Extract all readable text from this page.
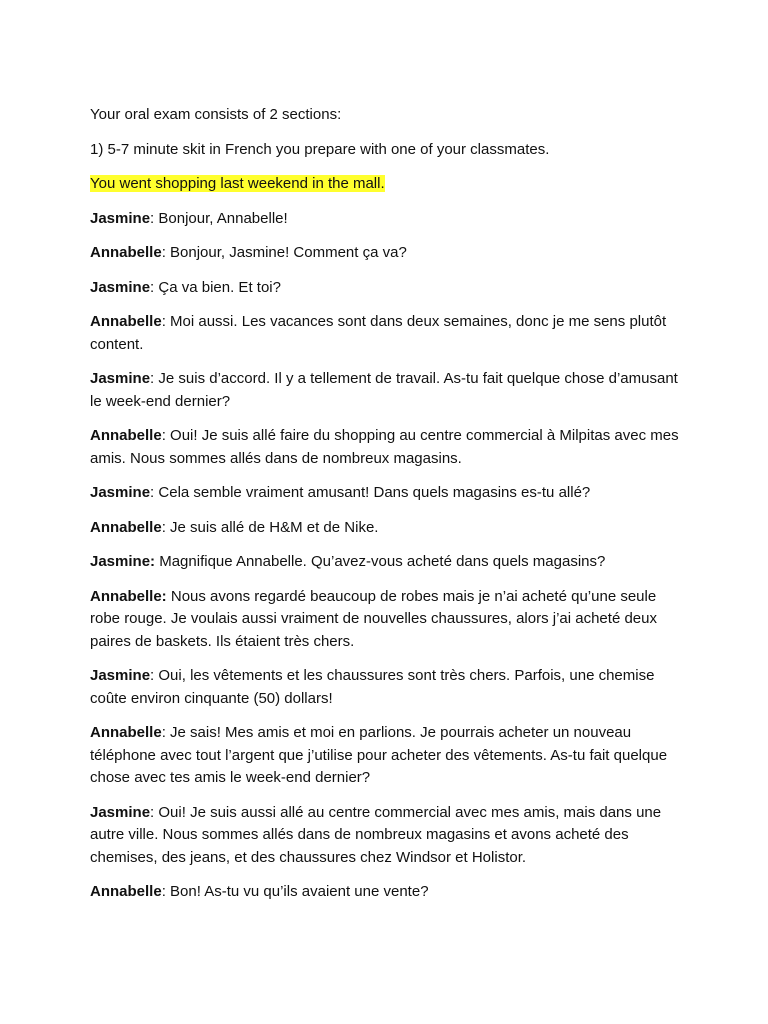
Your oral exam consists of 2 sections:

1) 5-7 minute skit in French you prepare with one of your classmates.

You went shopping last weekend in the mall.

Jasmine: Bonjour, Annabelle!

Annabelle: Bonjour, Jasmine! Comment ça va?

Jasmine: Ça va bien. Et toi?

Annabelle: Moi aussi. Les vacances sont dans deux semaines, donc je me sens plutôt content.

Jasmine: Je suis d’accord. Il y a tellement de travail. As-tu fait quelque chose d’amusant le week-end dernier?

Annabelle: Oui! Je suis allé faire du shopping au centre commercial à Milpitas avec mes amis. Nous sommes allés dans de nombreux magasins.

Jasmine: Cela semble vraiment amusant! Dans quels magasins es-tu allé?

Annabelle: Je suis allé de H&M et de Nike.

Jasmine: Magnifique Annabelle. Qu’avez-vous acheté dans quels magasins?

Annabelle: Nous avons regardé beaucoup de robes mais je n’ai acheté qu’une seule robe rouge. Je voulais aussi vraiment de nouvelles chaussures, alors j’ai acheté deux paires de baskets. Ils étaient très chers.

Jasmine: Oui, les vêtements et les chaussures sont très chers. Parfois, une chemise coûte environ cinquante (50) dollars!

Annabelle: Je sais! Mes amis et moi en parlions. Je pourrais acheter un nouveau téléphone avec tout l’argent que j’utilise pour acheter des vêtements. As-tu fait quelque chose avec tes amis le week-end dernier?

Jasmine: Oui! Je suis aussi allé au centre commercial avec mes amis, mais dans une autre ville. Nous sommes allés dans de nombreux magasins et avons acheté des chemises, des jeans, et des chaussures chez Windsor et Holistor.

Annabelle: Bon! As-tu vu qu’ils avaient une vente?
